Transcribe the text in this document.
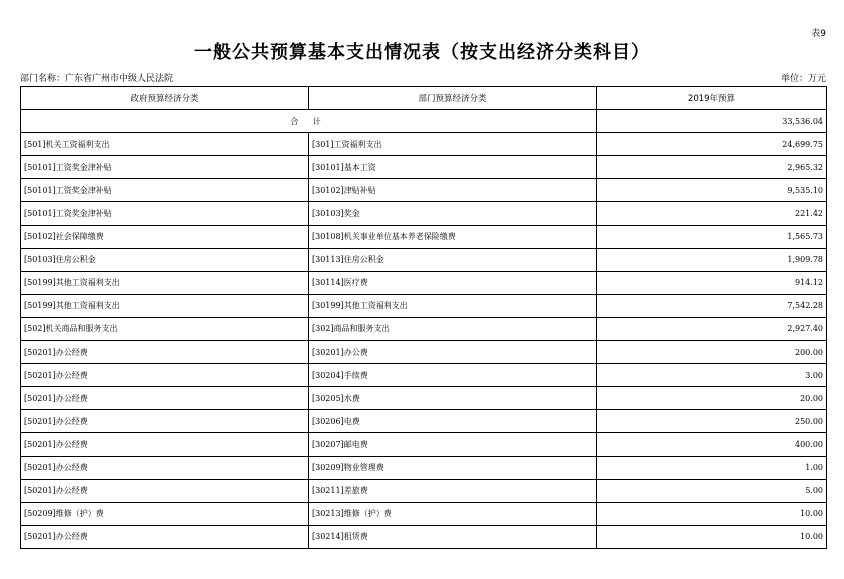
表9
一般公共预算基本支出情况表（按支出经济分类科目）
部门名称：广东省广州市中级人民法院	单位：万元
政府预算经济分类	部门预算经济分类	2019年预算
合 计		33,536.04
[501]机关工资福利支出	[301]工资福利支出	24,699.75
[50101]工资奖金津补贴	[30101]基本工资	2,965.32
[50101]工资奖金津补贴	[30102]津贴补贴	9,535.10
[50101]工资奖金津补贴	[30103]奖金	221.42
[50102]社会保障缴费	[30108]机关事业单位基本养老保险缴费	1,565.73
[50103]住房公积金	[30113]住房公积金	1,909.78
[50199]其他工资福利支出	[30114]医疗费	914.12
[50199]其他工资福利支出	[30199]其他工资福利支出	7,542.28
[502]机关商品和服务支出	[302]商品和服务支出	2,927.40
[50201]办公经费	[30201]办公费	200.00
[50201]办公经费	[30204]手续费	3.00
[50201]办公经费	[30205]水费	20.00
[50201]办公经费	[30206]电费	250.00
[50201]办公经费	[30207]邮电费	400.00
[50201]办公经费	[30209]物业管理费	1.00
[50201]办公经费	[30211]差旅费	5.00
[50209]维修（护）费	[30213]维修（护）费	10.00
[50201]办公经费	[30214]租赁费	10.00
